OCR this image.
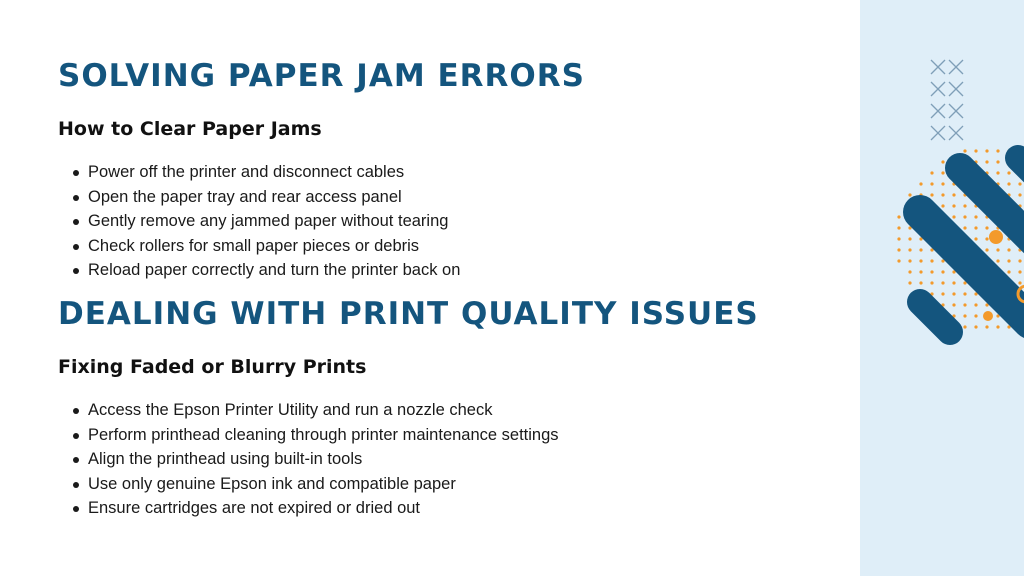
SOLVING PAPER JAM ERRORS
How to Clear Paper Jams
Power off the printer and disconnect cables
Open the paper tray and rear access panel
Gently remove any jammed paper without tearing
Check rollers for small paper pieces or debris
Reload paper correctly and turn the printer back on
DEALING WITH PRINT QUALITY ISSUES
Fixing Faded or Blurry Prints
Access the Epson Printer Utility and run a nozzle check
Perform printhead cleaning through printer maintenance settings
Align the printhead using built-in tools
Use only genuine Epson ink and compatible paper
Ensure cartridges are not expired or dried out
